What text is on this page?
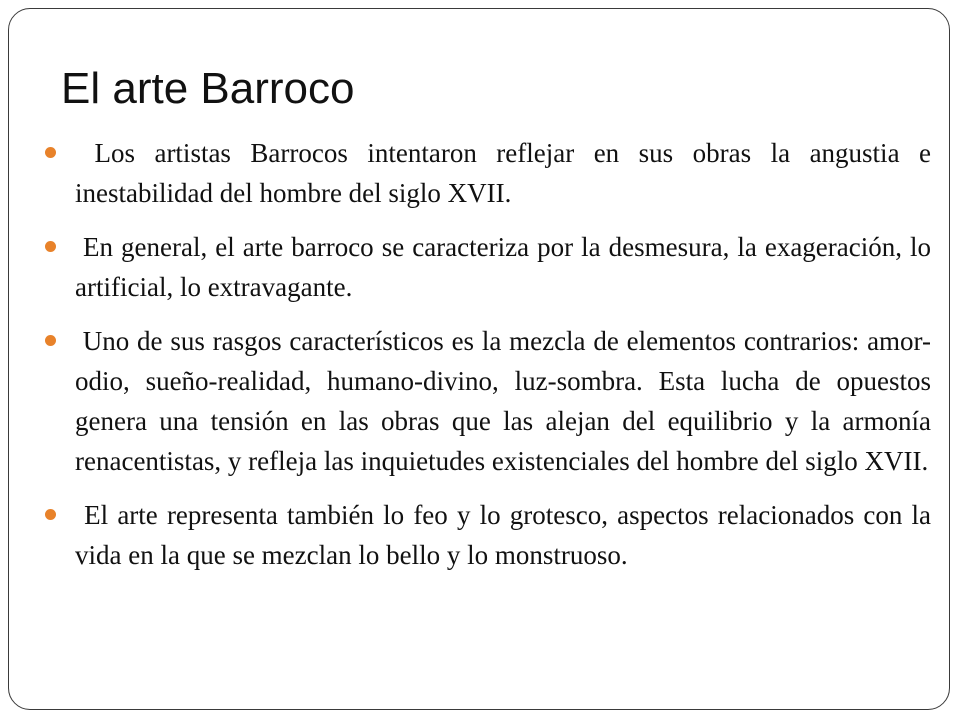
El arte Barroco
Los artistas Barrocos intentaron reflejar en sus obras la angustia e inestabilidad del hombre del siglo XVII.
En general, el arte barroco se caracteriza por la desmesura, la exageración, lo artificial, lo extravagante.
Uno de sus rasgos característicos es la mezcla de elementos contrarios: amor-odio, sueño-realidad, humano-divino, luz-sombra. Esta lucha de opuestos genera una tensión en las obras que las alejan del equilibrio y la armonía renacentistas, y refleja las inquietudes existenciales del hombre del siglo XVII.
El arte representa también lo feo y lo grotesco, aspectos relacionados con la vida en la que se mezclan lo bello y lo monstruoso.
